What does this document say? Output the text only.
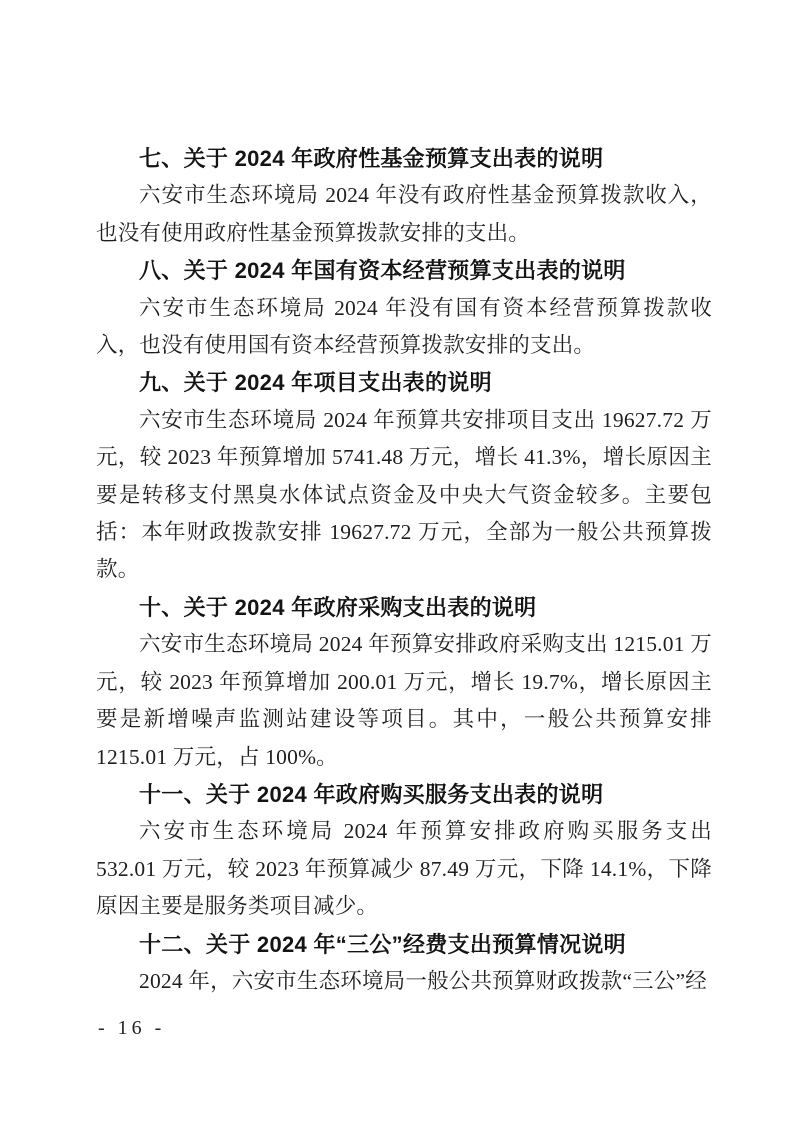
七、关于 2024 年政府性基金预算支出表的说明

六安市生态环境局 2024 年没有政府性基金预算拨款收入，也没有使用政府性基金预算拨款安排的支出。

八、关于 2024 年国有资本经营预算支出表的说明

六安市生态环境局 2024 年没有国有资本经营预算拨款收入，也没有使用国有资本经营预算拨款安排的支出。

九、关于 2024 年项目支出表的说明

六安市生态环境局 2024 年预算共安排项目支出 19627.72 万元，较 2023 年预算增加 5741.48 万元，增长 41.3%，增长原因主要是转移支付黑臭水体试点资金及中央大气资金较多。主要包括：本年财政拨款安排 19627.72 万元，全部为一般公共预算拨款。

十、关于 2024 年政府采购支出表的说明

六安市生态环境局 2024 年预算安排政府采购支出 1215.01 万元，较 2023 年预算增加 200.01 万元，增长 19.7%，增长原因主要是新增噪声监测站建设等项目。其中，一般公共预算安排 1215.01 万元，占 100%。

十一、关于 2024 年政府购买服务支出表的说明

六安市生态环境局 2024 年预算安排政府购买服务支出 532.01 万元，较 2023 年预算减少 87.49 万元，下降 14.1%，下降原因主要是服务类项目减少。

十二、关于 2024 年“三公”经费支出预算情况说明

2024 年，六安市生态环境局一般公共预算财政拨款“三公”经

- 16 -
